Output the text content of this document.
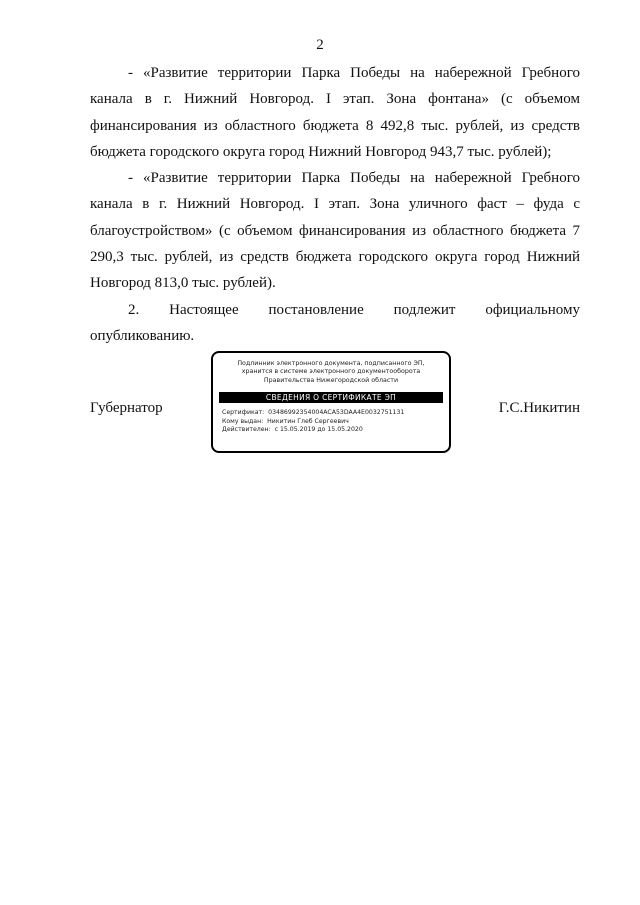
2

- «Развитие территории Парка Победы на набережной Гребного канала в г. Нижний Новгород. I этап. Зона фонтана» (с объемом финансирования из областного бюджета 8 492,8 тыс. рублей, из средств бюджета городского округа город Нижний Новгород 943,7 тыс. рублей);

- «Развитие территории Парка Победы на набережной Гребного канала в г. Нижний Новгород. I этап. Зона уличного фаст – фуда с благоустройством» (с объемом финансирования из областного бюджета 7 290,3 тыс. рублей, из средств бюджета городского округа город Нижний Новгород 813,0 тыс. рублей).

2. Настоящее постановление подлежит официальному

опубликованию.

Губернатор	Г.С.Никитин
Подлинник электронного документа, подписанного ЭП,
хранится в системе электронного документооборота
Правительства Нижегородской области
СВЕДЕНИЯ О СЕРТИФИКАТЕ ЭП
Сертификат: 03486992354004ACA53DAA4E0032751131
Кому выдан: Никитин Глеб Сергеевич
Действителен: с 15.05.2019 до 15.05.2020
